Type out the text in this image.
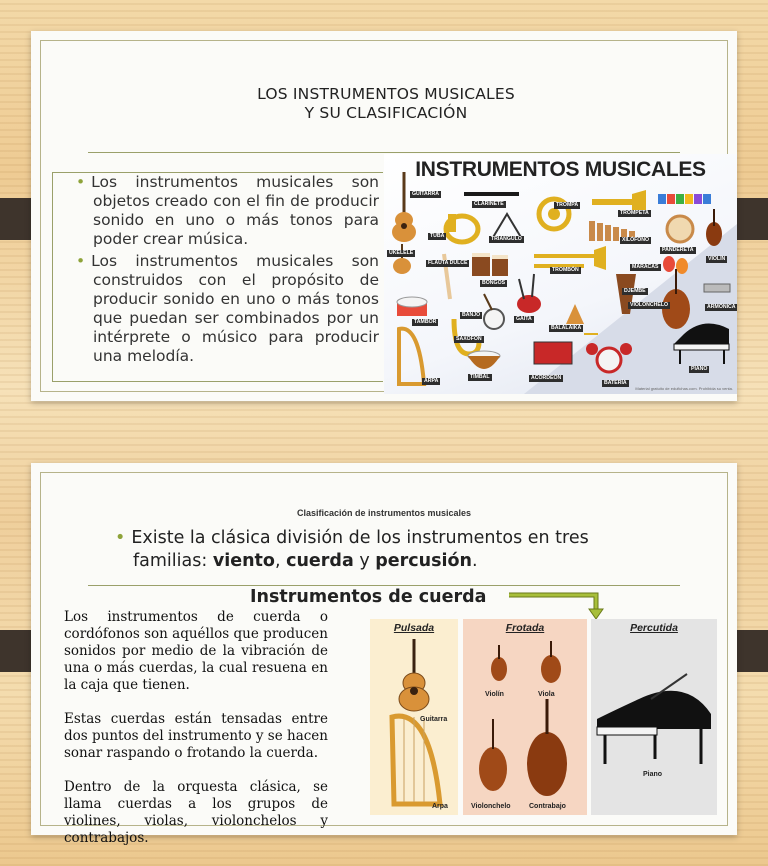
LOS INSTRUMENTOS MUSICALES
Y SU CLASIFICACIÓN
• Los instrumentos musicales son objetos creado con el fin de producir sonido en uno o más tonos para poder crear música.
• Los instrumentos musicales son construidos con el propósito de producir sonido en uno o más tonos que puedan ser combinados por un intérprete o músico para producir una melodía.
INSTRUMENTOS MUSICALES
GUITARRA
CLARINETE	TROMPA
TROMPETA
TUBA	TRIÁNGULO	XILÓFONO
PANDERETA
VIOLÍN
UKELELE
FLAUTA DULCE
BONGOS
TROMBÓN	MARACAS
DJEMBE
ARMÓNICA
VIOLONCHELO
TAMBOR
BANJO
GAITA
BALALAIKA
SAXOFÓN
ARPA
TIMBAL	ACORDEÓN
BATERÍA
PIANO
Material gratuito de edufichas.com. Prohibida su venta.
Clasificación de instrumentos musicales
• Existe la clásica división de los instrumentos en tres familias: viento, cuerda y percusión.
Instrumentos de cuerda

Los instrumentos de cuerda o cordófonos son aquéllos que producen sonidos por medio de la vibración de una o más cuerdas, la cual resuena en la caja que tienen.

Estas cuerdas están tensadas entre dos puntos del instrumento y se hacen sonar raspando o frotando la cuerda.

Dentro de la orquesta clásica, se llama cuerdas a los grupos de violines, violas, violonchelos y contrabajos.

Pulsada
Guitarra
Arpa
Frotada
Violín	Viola
Violonchelo	Contrabajo
Percutida
Piano
